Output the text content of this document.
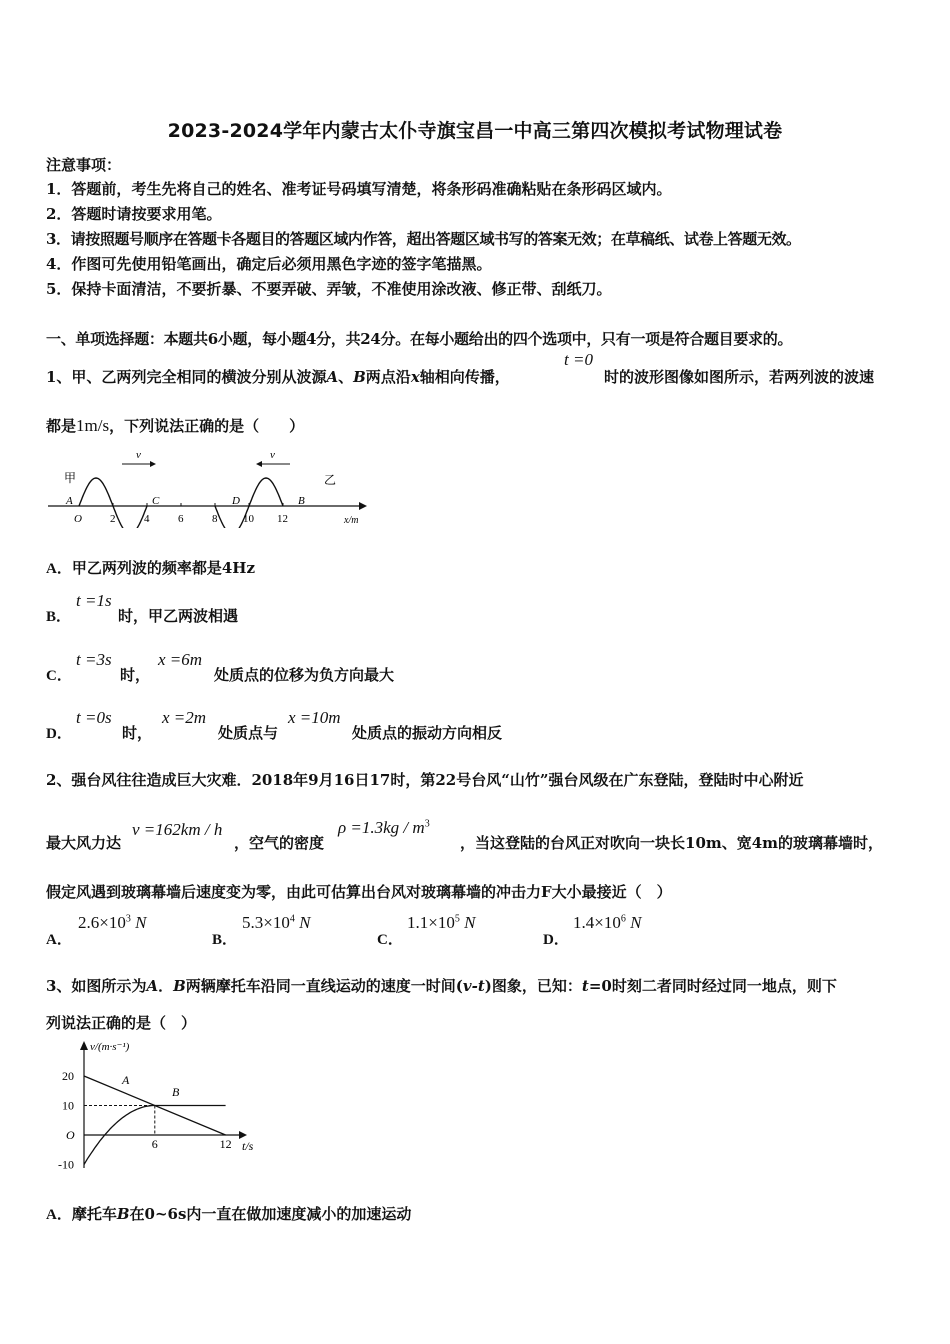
2023-2024学年内蒙古太仆寺旗宝昌一中高三第四次模拟考试物理试卷
注意事项：
1．答题前，考生先将自己的姓名、准考证号码填写清楚，将条形码准确粘贴在条形码区域内。
2．答题时请按要求用笔。
3．请按照题号顺序在答题卡各题目的答题区域内作答，超出答题区域书写的答案无效；在草稿纸、试卷上答题无效。
4．作图可先使用铅笔画出，确定后必须用黑色字迹的签字笔描黑。
5．保持卡面清洁，不要折暴、不要弄破、弄皱，不准使用涂改液、修正带、刮纸刀。
一、单项选择题：本题共6小题，每小题4分，共24分。在每小题给出的四个选项中，只有一项是符合题目要求的。
1、甲、乙两列完全相同的横波分别从波源A、B两点沿x轴相向传播，
t =0
时的波形图像如图所示，若两列波的波速
都是1m/s，下列说法正确的是（　　）
2	4	6	8 10 12
甲	乙
v	v
A	C	D	B
O	x/m
A．甲乙两列波的频率都是4Hz
B．
t =1s
时，甲乙两波相遇
C．
t =3s
时，
x =6m
处质点的位移为负方向最大
D．
t =0s
时，
x =2m
处质点与
x =10m
处质点的振动方向相反
2、强台风往往造成巨大灾难．2018年9月16日17时，第22号台风“山竹”强台风级在广东登陆，登陆时中心附近
最大风力达
v =162km / h
，空气的密度
$\rho =1.3kg / m^3$
，当这登陆的台风正对吹向一块长10m、宽4m的玻璃幕墙时，
假定风遇到玻璃幕墙后速度变为零，由此可估算出台风对玻璃幕墙的冲击力F大小最接近（　）
A．
$2.6\times 10^3$ N
B．
$5.3\times 10^4$ N
C．
$1.1\times 10^5$ N
D．
$1.4\times 10^6$ N
3、如图所示为A．B两辆摩托车沿同一直线运动的速度一时间(v-t)图象，已知：t=0时刻二者同时经过同一地点，则下
列说法正确的是（　）
v/(m·s⁻¹)
t/s
20
10
O
-10
6	12
A
B
A．摩托车B在0~6s内一直在做加速度减小的加速运动
